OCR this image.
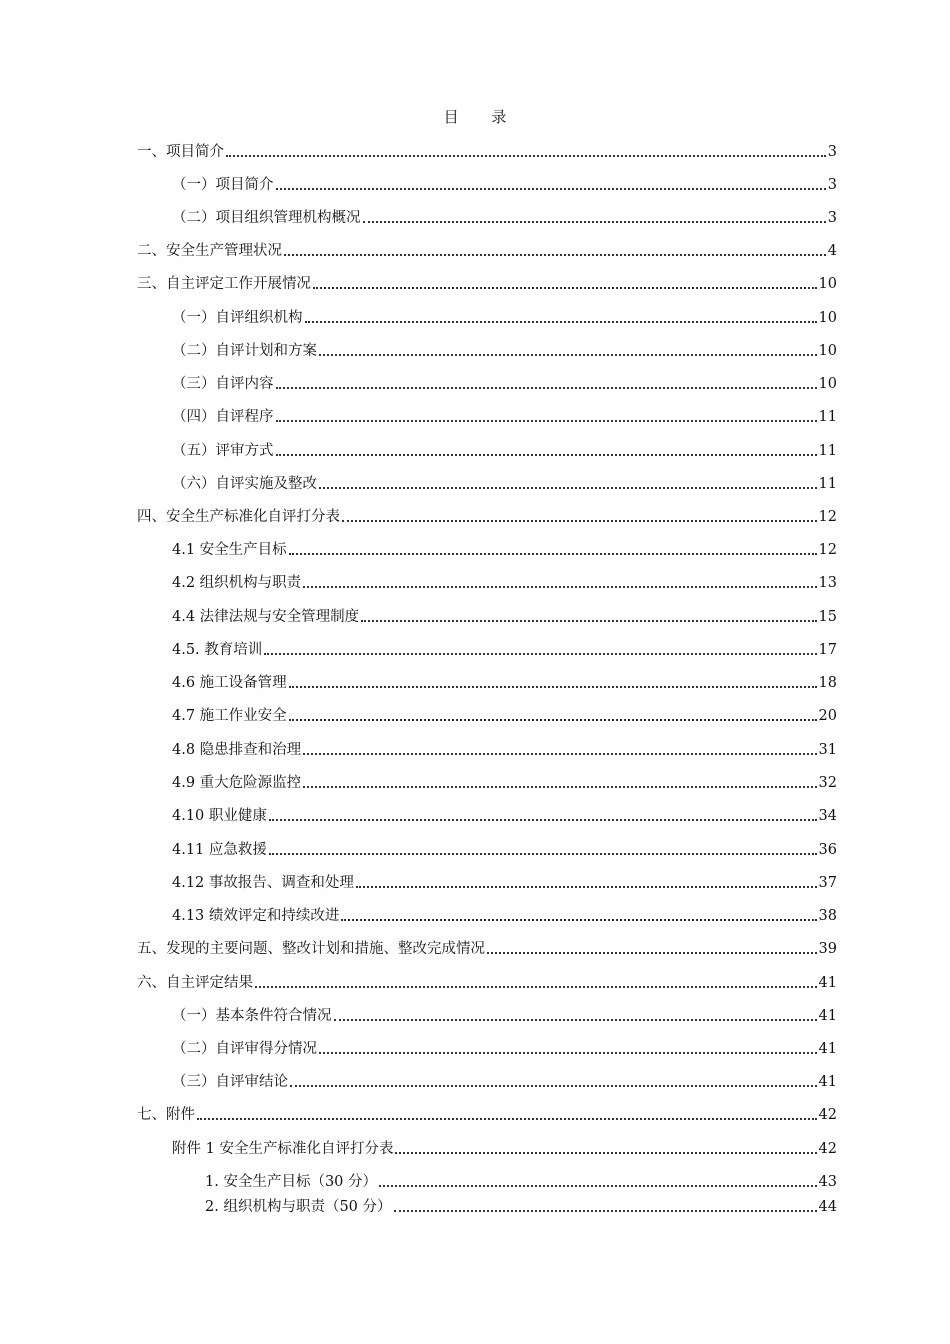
目 录
一、项目简介	3
（一）项目简介	3
（二）项目组织管理机构概况	3
二、安全生产管理状况	4
三、自主评定工作开展情况	10
（一）自评组织机构	10
（二）自评计划和方案	10
（三）自评内容	10
（四）自评程序	11
（五）评审方式	11
（六）自评实施及整改	11
四、安全生产标准化自评打分表	12
4.1 安全生产目标	12
4.2 组织机构与职责	13
4.4 法律法规与安全管理制度	15
4.5. 教育培训	17
4.6 施工设备管理	18
4.7 施工作业安全	20
4.8 隐患排查和治理	31
4.9 重大危险源监控	32
4.10 职业健康	34
4.11 应急救援	36
4.12 事故报告、调查和处理	37
4.13 绩效评定和持续改进	38
五、发现的主要问题、整改计划和措施、整改完成情况	39
六、自主评定结果	41
（一）基本条件符合情况	41
（二）自评审得分情况	41
（三）自评审结论	41
七、附件	42
附件 1 安全生产标准化自评打分表	42
1. 安全生产目标（30 分）	43
2. 组织机构与职责（50 分）	44
